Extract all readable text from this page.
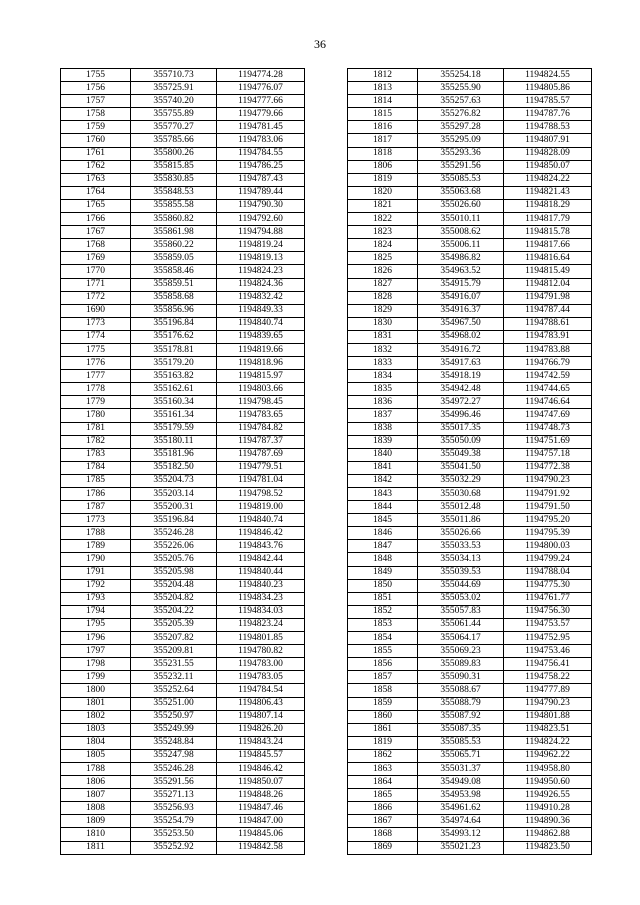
36
1755	355710.73	1194774.28
1756	355725.91	1194776.07
1757	355740.20	1194777.66
1758	355755.89	1194779.66
1759	355770.27	1194781.45
1760	355785.66	1194783.06
1761	355800.26	1194784.55
1762	355815.85	1194786.25
1763	355830.85	1194787.43
1764	355848.53	1194789.44
1765	355855.58	1194790.30
1766	355860.82	1194792.60
1767	355861.98	1194794.88
1768	355860.22	1194819.24
1769	355859.05	1194819.13
1770	355858.46	1194824.23
1771	355859.51	1194824.36
1772	355858.68	1194832.42
1690	355856.96	1194849.33
1773	355196.84	1194840.74
1774	355176.62	1194839.65
1775	355178.81	1194819.66
1776	355179.20	1194818.96
1777	355163.82	1194815.97
1778	355162.61	1194803.66
1779	355160.34	1194798.45
1780	355161.34	1194783.65
1781	355179.59	1194784.82
1782	355180.11	1194787.37
1783	355181.96	1194787.69
1784	355182.50	1194779.51
1785	355204.73	1194781.04
1786	355203.14	1194798.52
1787	355200.31	1194819.00
1773	355196.84	1194840.74
1788	355246.28	1194846.42
1789	355226.06	1194843.76
1790	355205.76	1194842.44
1791	355205.98	1194840.44
1792	355204.48	1194840.23
1793	355204.82	1194834.23
1794	355204.22	1194834.03
1795	355205.39	1194823.24
1796	355207.82	1194801.85
1797	355209.81	1194780.82
1798	355231.55	1194783.00
1799	355232.11	1194783.05
1800	355252.64	1194784.54
1801	355251.00	1194806.43
1802	355250.97	1194807.14
1803	355249.99	1194826.20
1804	355248.84	1194843.24
1805	355247.98	1194845.57
1788	355246.28	1194846.42
1806	355291.56	1194850.07
1807	355271.13	1194848.26
1808	355256.93	1194847.46
1809	355254.79	1194847.00
1810	355253.50	1194845.06
1811	355252.92	1194842.58
1812	355254.18	1194824.55
1813	355255.90	1194805.86
1814	355257.63	1194785.57
1815	355276.82	1194787.76
1816	355297.28	1194788.53
1817	355295.09	1194807.91
1818	355293.36	1194828.09
1806	355291.56	1194850.07
1819	355085.53	1194824.22
1820	355063.68	1194821.43
1821	355026.60	1194818.29
1822	355010.11	1194817.79
1823	355008.62	1194815.78
1824	355006.11	1194817.66
1825	354986.82	1194816.64
1826	354963.52	1194815.49
1827	354915.79	1194812.04
1828	354916.07	1194791.98
1829	354916.37	1194787.44
1830	354967.50	1194788.61
1831	354968.02	1194783.91
1832	354916.72	1194783.88
1833	354917.63	1194766.79
1834	354918.19	1194742.59
1835	354942.48	1194744.65
1836	354972.27	1194746.64
1837	354996.46	1194747.69
1838	355017.35	1194748.73
1839	355050.09	1194751.69
1840	355049.38	1194757.18
1841	355041.50	1194772.38
1842	355032.29	1194790.23
1843	355030.68	1194791.92
1844	355012.48	1194791.50
1845	355011.86	1194795.20
1846	355026.66	1194795.39
1847	355033.53	1194800.03
1848	355034.13	1194799.24
1849	355039.53	1194788.04
1850	355044.69	1194775.30
1851	355053.02	1194761.77
1852	355057.83	1194756.30
1853	355061.44	1194753.57
1854	355064.17	1194752.95
1855	355069.23	1194753.46
1856	355089.83	1194756.41
1857	355090.31	1194758.22
1858	355088.67	1194777.89
1859	355088.79	1194790.23
1860	355087.92	1194801.88
1861	355087.35	1194823.51
1819	355085.53	1194824.22
1862	355065.71	1194962.22
1863	355031.37	1194958.80
1864	354949.08	1194950.60
1865	354953.98	1194926.55
1866	354961.62	1194910.28
1867	354974.64	1194890.36
1868	354993.12	1194862.88
1869	355021.23	1194823.50
